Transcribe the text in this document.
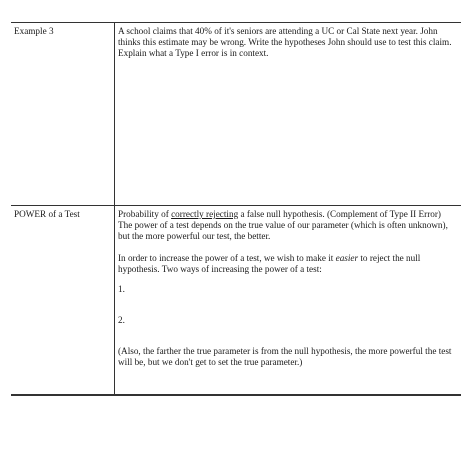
Example 3	A school claims that 40% of it's seniors are attending a UC or Cal State next year. John thinks this estimate may be wrong. Write the hypotheses John should use to test this claim. Explain what a Type I error is in context.

POWER of a Test	Probability of correctly rejecting a false null hypothesis. (Complement of Type II Error)

The power of a test depends on the true value of our parameter (which is often unknown), but the more powerful our test, the better.

In order to increase the power of a test, we wish to make it easier to reject the null hypothesis. Two ways of increasing the power of a test:

1.

2.

(Also, the farther the true parameter is from the null hypothesis, the more powerful the test will be, but we don't get to set the true parameter.)
